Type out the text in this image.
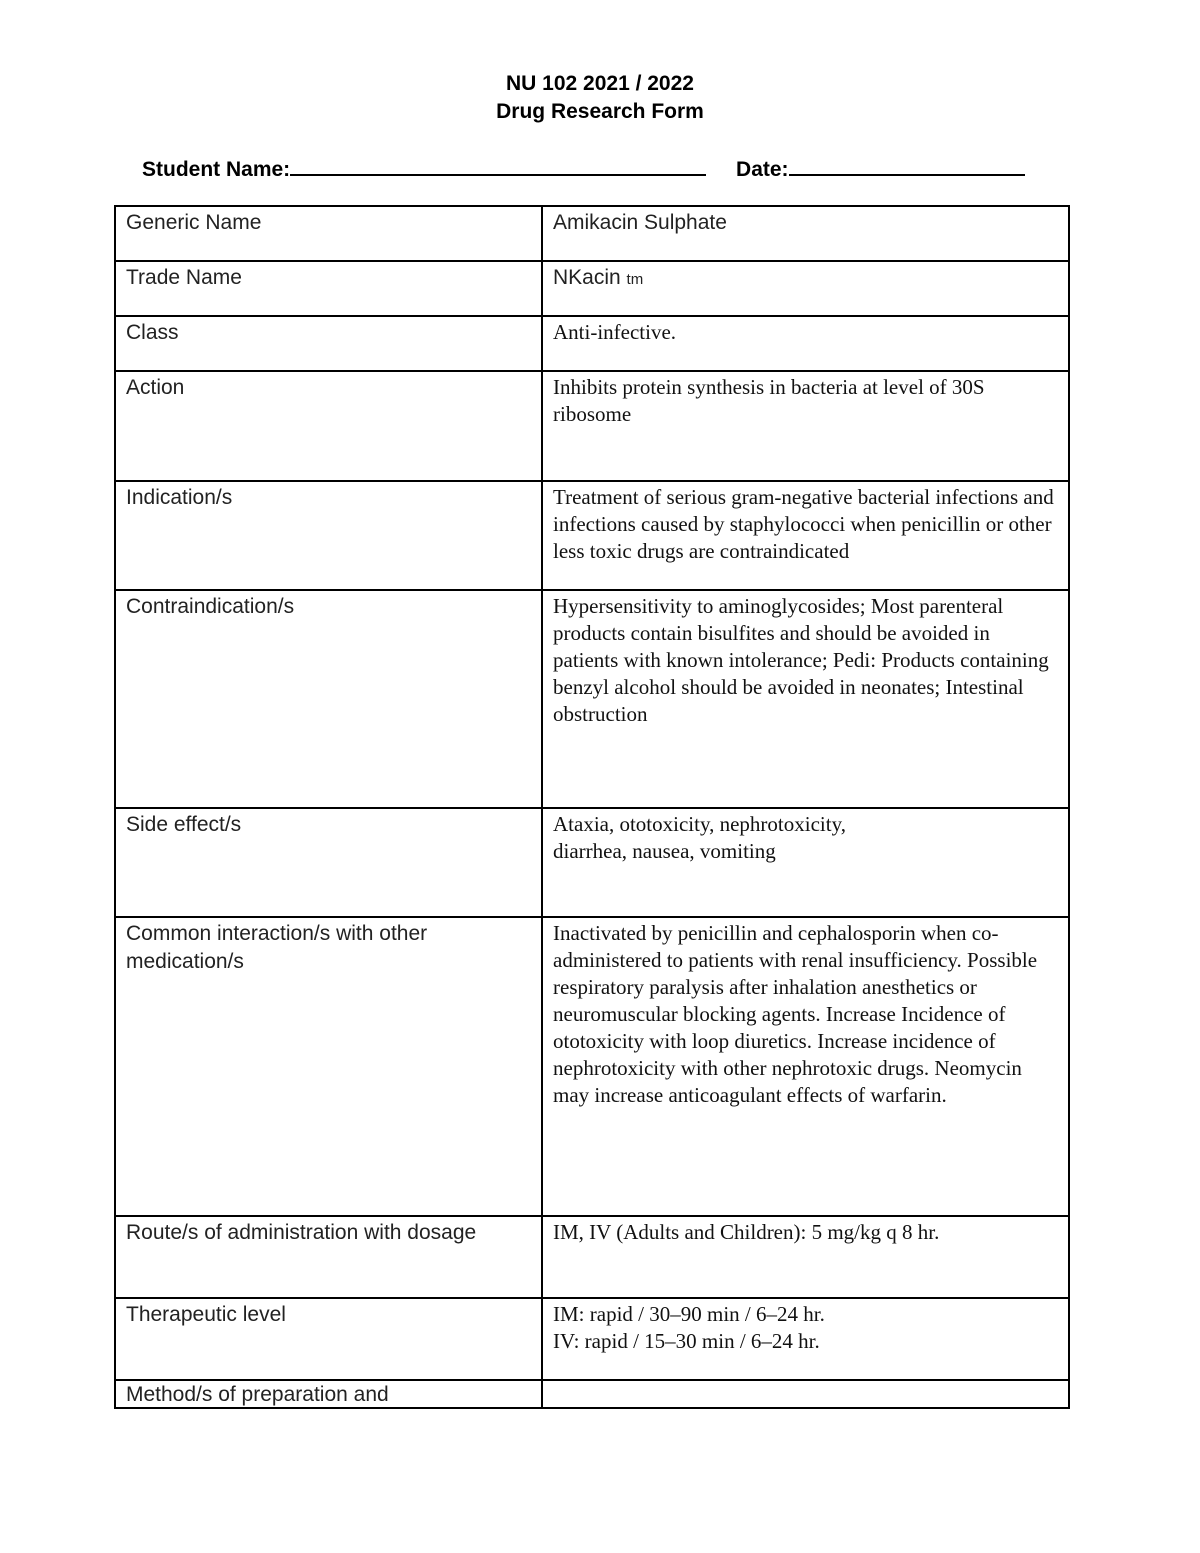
NU 102 2021 / 2022
Drug Research Form
Student Name:	Date:
Generic Name	Amikacin Sulphate
Trade Name	NKacin tm
Class	Anti-infective.
Action	Inhibits protein synthesis in bacteria at level of 30S ribosome
Indication/s	Treatment of serious gram-negative bacterial infections and infections caused by staphylococci when penicillin or other less toxic drugs are contraindicated
Contraindication/s	Hypersensitivity to aminoglycosides; Most parenteral products contain bisulfites and should be avoided in patients with known intolerance; Pedi: Products containing benzyl alcohol should be avoided in neonates; Intestinal obstruction
Side effect/s	Ataxia, ototoxicity, nephrotoxicity,
diarrhea, nausea, vomiting
Common interaction/s with other medication/s	Inactivated by penicillin and cephalosporin when co-administered to patients with renal insufficiency. Possible respiratory paralysis after inhalation anesthetics or neuromuscular blocking agents. Increase Incidence of ototoxicity with loop diuretics. Increase incidence of nephrotoxicity with other nephrotoxic drugs. Neomycin may increase anticoagulant effects of warfarin.
Route/s of administration with dosage	IM, IV (Adults and Children): 5 mg/kg q 8 hr.
Therapeutic level	IM: rapid / 30–90 min / 6–24 hr.
IV: rapid / 15–30 min / 6–24 hr.
Method/s of preparation and	
